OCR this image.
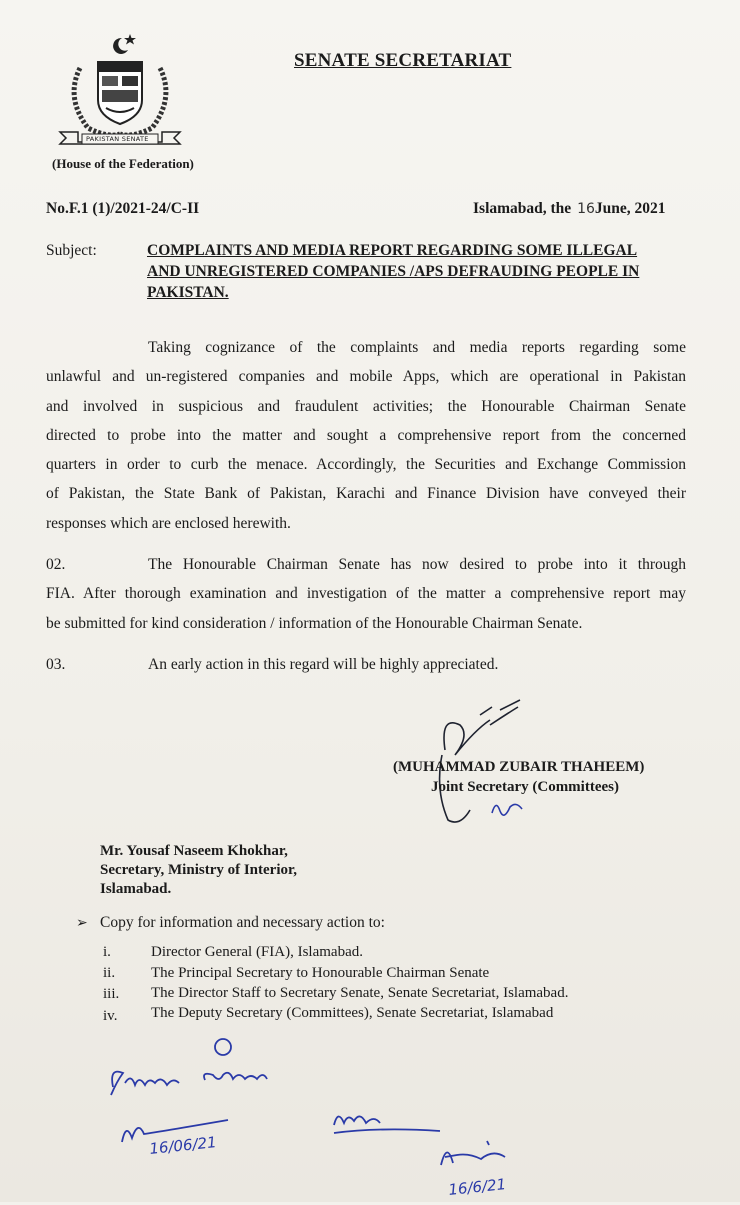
PAKISTAN SENATE
(House of the Federation)
SENATE SECRETARIAT
No.F.1 (1)/2021-24/C-II	Islamabad, the 16June, 2021
Subject:	COMPLAINTS AND MEDIA REPORT REGARDING SOME ILLEGAL
AND UNREGISTERED COMPANIES /APS DEFRAUDING PEOPLE IN
PAKISTAN.
Taking cognizance of the complaints and media reports regarding some
unlawful and un-registered companies and mobile Apps, which are operational in Pakistan
and involved in suspicious and fraudulent activities; the Honourable Chairman Senate
directed to probe into the matter and sought a comprehensive report from the concerned
quarters in order to curb the menace. Accordingly, the Securities and Exchange Commission
of Pakistan, the State Bank of Pakistan, Karachi and Finance Division have conveyed their
responses which are enclosed herewith.
02.	The Honourable Chairman Senate has now desired to probe into it through
FIA. After thorough examination and investigation of the matter a comprehensive report may
be submitted for kind consideration / information of the Honourable Chairman Senate.
03.	An early action in this regard will be highly appreciated.
(MUHAMMAD ZUBAIR THAHEEM)
Joint Secretary (Committees)
Mr. Yousaf Naseem Khokhar,
Secretary, Ministry of Interior,
Islamabad.
➢ Copy for information and necessary action to:
i.	Director General (FIA), Islamabad.
ii. The Principal Secretary to Honourable Chairman Senate
iii. The Director Staff to Secretary Senate, Senate Secretariat, Islamabad.
iv. The Deputy Secretary (Committees), Senate Secretariat, Islamabad
16/06/21
16/6/21
